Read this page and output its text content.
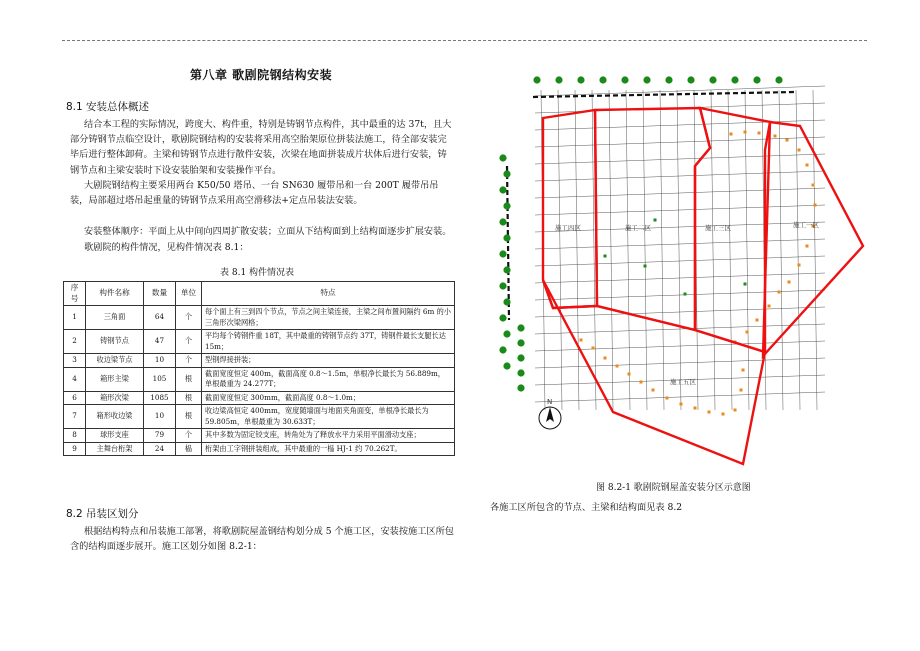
第八章 歌剧院钢结构安装
8.1 安装总体概述

结合本工程的实际情况，跨度大、构件重，特别是铸钢节点构件，其中最重的达 37t，且大部分铸钢节点临空设计，歌剧院钢结构的安装将采用高空胎架原位拼装法施工，待全部安装完毕后进行整体卸荷。主梁和铸钢节点进行散件安装，次梁在地面拼装成片状体后进行安装，铸钢节点和主梁安装时下设安装胎架和安装操作平台。

大剧院钢结构主要采用两台 K50/50 塔吊、一台 SN630 履带吊和一台 200T 履带吊吊装，局部超过塔吊起重量的铸钢节点采用高空滑移法+定点吊装法安装。

安装整体顺序：平面上从中间向四周扩散安装；立面从下结构面到上结构面逐步扩展安装。

歌剧院的构件情况，见构件情况表 8.1：

表 8.1 构件情况表
序号	构件名称	数量	单位	特点
1	三角面	64	个	每个面上有三到四个节点，节点之间主梁连接，主梁之间布置间隔约 6m 的小三角形次梁网格；
2	铸钢节点	47	个	平均每个铸钢件重 18T，其中最重的铸钢节点约 37T，铸钢件最长支腿长达 15m；
3	收边梁节点	10	个	型钢焊接拼装；
4	箱形主梁	105	根	截面宽度恒定 400m，截面高度 0.8～1.5m，单根净长最长为 56.889m，单根最重为 24.277T；
6	箱形次梁	1085	根	截面宽度恒定 300mm，截面高度 0.8～1.0m；
7	箱形收边梁	10	根	收边梁高恒定 400mm，宽度随墙面与地面夹角面变，单根净长最长为 59.805m，单根最重为 30.633T；
8	球形支座	79	个	其中多数为固定铰支座，转角处为了释放水平力采用平面滑动支座；
9	主舞台桁架	24	榀	桁架由工字钢拼装组成，其中最重的一榀 HJ-1 约 70.262T。
8.2 吊装区划分

根据结构特点和吊装施工部署，将歌剧院屋盖钢结构划分成 5 个施工区，安装按施工区所包含的结构面逐步展开。施工区划分如图 8.2-1：

施工四区	施工二区	施工三区	施工一区
施工五区
N
图 8.2-1 歌剧院钢屋盖安装分区示意图
各施工区所包含的节点、主梁和结构面见表 8.2
